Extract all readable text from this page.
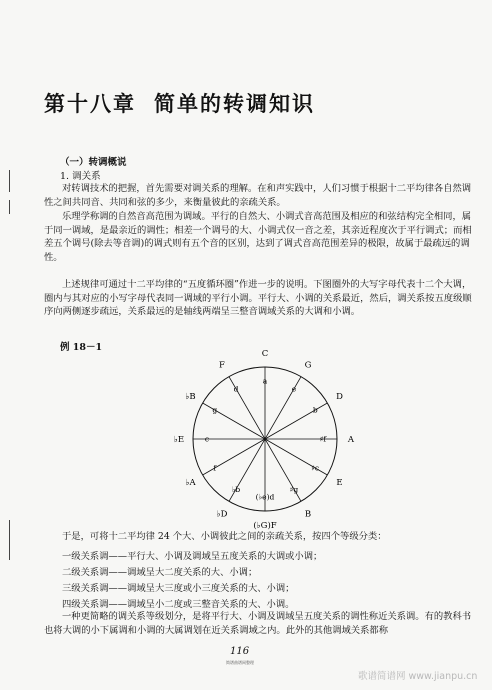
第十八章 简单的转调知识
（一）转调概说
1. 调关系

对转调技术的把握，首先需要对调关系的理解。在和声实践中，人们习惯于根据十二平均律各自然调性之间共同音、共同和弦的多少，来衡量彼此的亲疏关系。

乐理学称调的自然音高范围为调域。平行的自然大、小调式音高范围及相应的和弦结构完全相同，属于同一调域，是最亲近的调性；相差一个调号的大、小调式仅一音之差，其亲近程度次于平行调式；而相差五个调号(除去等音调)的调式则有五个音的区别，达到了调式音高范围差异的极限，故属于最疏远的调性。

上述规律可通过十二平均律的“五度循环圈”作进一步的说明。下图圈外的大写字母代表十二个大调，圈内与其对应的小写字母代表同一调域的平行小调。平行大、小调的关系最近，然后，调关系按五度级顺序向两侧逐步疏远，关系最远的是轴线两端呈三整音调域关系的大调和小调。

例 18－1
C
G
D
A
E
B
(♭G)F
♭D
♭A
♭E
♭B
F
a
e
b
♯f
♯c
♯g
(♭e)d
♭b
f
c
g
d

于是，可将十二平均律 24 个大、小调彼此之间的亲疏关系，按四个等级分类：

一级关系调——平行大、小调及调域呈五度关系的大调或小调；
二级关系调——调域呈大二度关系的大、小调；
三级关系调——调域呈大三度或小三度关系的大、小调；
四级关系调——调域呈小二度或三整音关系的大、小调。

一种更简略的调关系等级划分，是将平行大、小调及调域呈五度关系的调性称近关系调。有的教科书也将大调的小下属调和小调的大属调划在近关系调域之内。此外的其他调域关系都称

116
简谱曲谱网整理
歌谱简谱网 www.jianpu.cn
